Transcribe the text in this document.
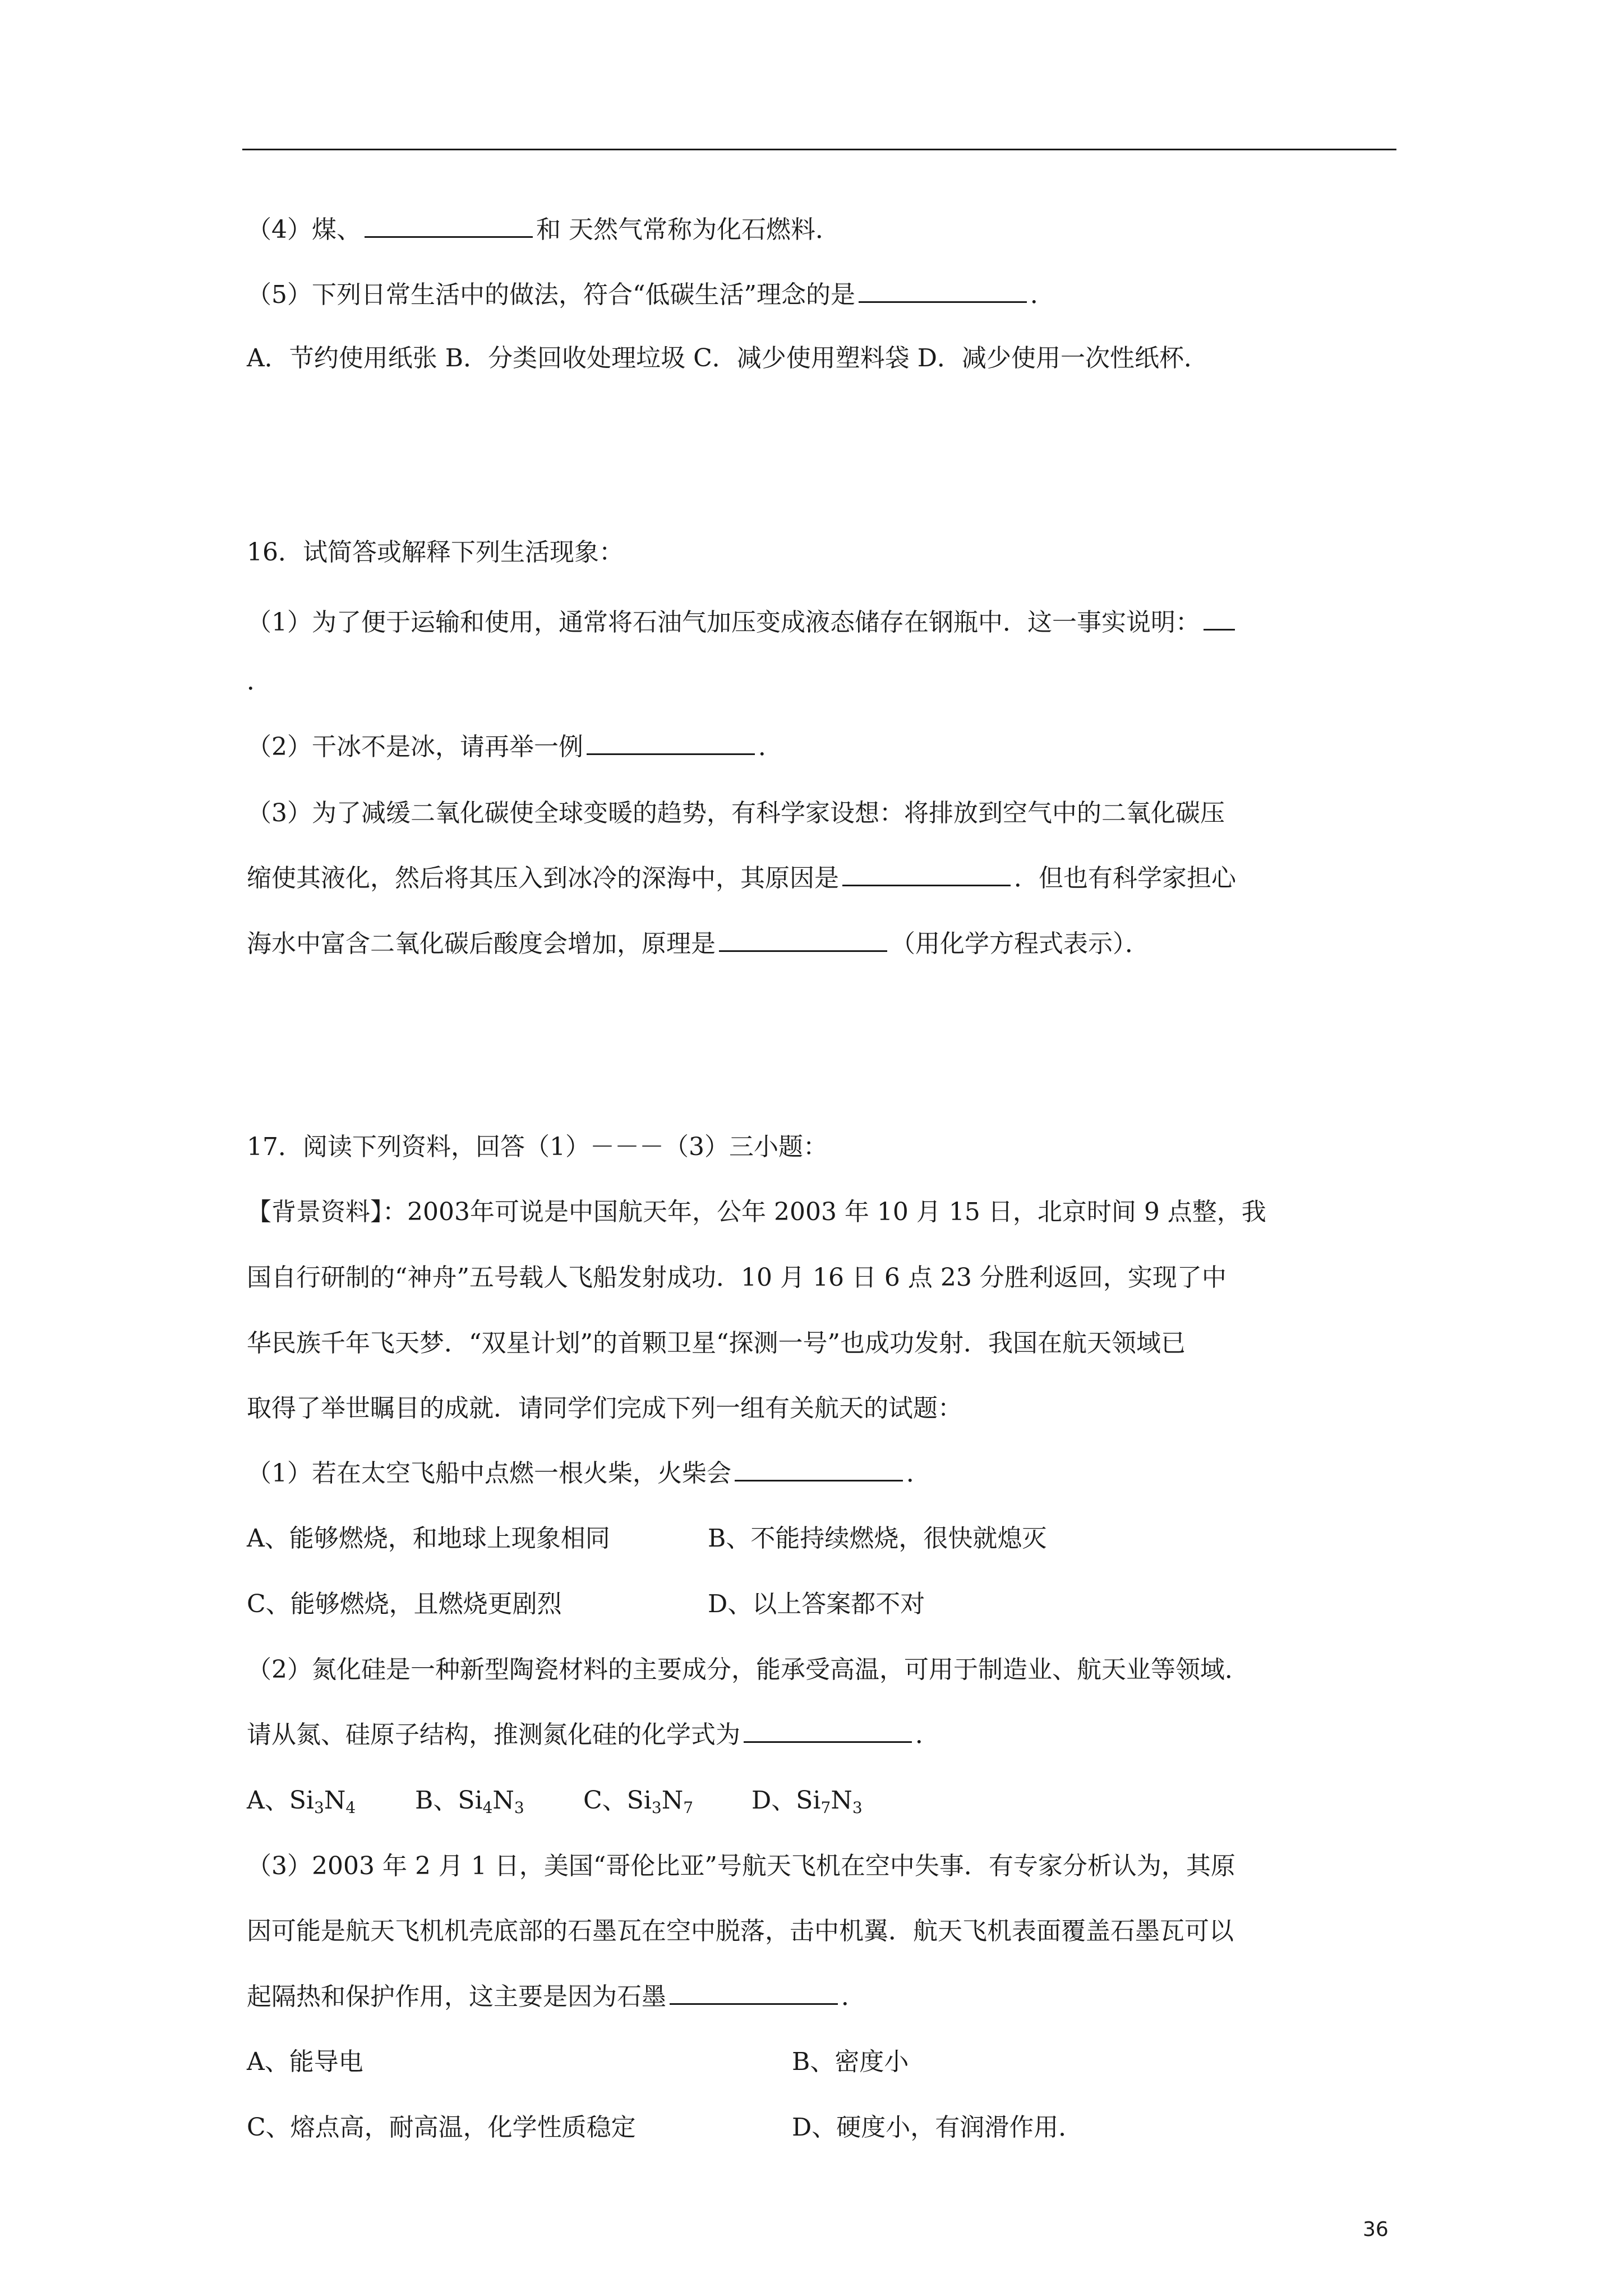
（4）煤、	和 天然气常称为化石燃料．
（5）下列日常生活中的做法，符合“低碳生活”理念的是	．
A．节约使用纸张 B．分类回收处理垃圾 C．减少使用塑料袋 D．减少使用一次性纸杯．
16．试简答或解释下列生活现象：
（1）为了便于运输和使用，通常将石油气加压变成液态储存在钢瓶中．这一事实说明：
．
（2）干冰不是冰，请再举一例	．
（3）为了减缓二氧化碳使全球变暖的趋势，有科学家设想：将排放到空气中的二氧化碳压
缩使其液化，然后将其压入到冰冷的深海中，其原因是	．但也有科学家担心
海水中富含二氧化碳后酸度会增加，原理是	（用化学方程式表示）．
17．阅读下列资料，回答（1）－－－（3）三小题：
【背景资料】：2003年可说是中国航天年，公年 2003 年 10 月 15 日，北京时间 9 点整，我
国自行研制的“神舟”五号载人飞船发射成功．10 月 16 日 6 点 23 分胜利返回，实现了中
华民族千年飞天梦．“双星计划”的首颗卫星“探测一号”也成功发射．我国在航天领域已
取得了举世瞩目的成就．请同学们完成下列一组有关航天的试题：
（1）若在太空飞船中点燃一根火柴，火柴会	．
A、能够燃烧，和地球上现象相同	B、不能持续燃烧，很快就熄灭
C、能够燃烧，且燃烧更剧烈	D、以上答案都不对
（2）氮化硅是一种新型陶瓷材料的主要成分，能承受高温，可用于制造业、航天业等领域．
请从氮、硅原子结构，推测氮化硅的化学式为	．
A、$Si_3N_4$ B、$Si_4N_3$ C、$Si_3N_7$ D、$Si_7N_3$
（3）2003 年 2 月 1 日，美国“哥伦比亚”号航天飞机在空中失事．有专家分析认为，其原
因可能是航天飞机机壳底部的石墨瓦在空中脱落，击中机翼．航天飞机表面覆盖石墨瓦可以
起隔热和保护作用，这主要是因为石墨	．
A、能导电	B、密度小
C、熔点高，耐高温，化学性质稳定	D、硬度小，有润滑作用．
36
